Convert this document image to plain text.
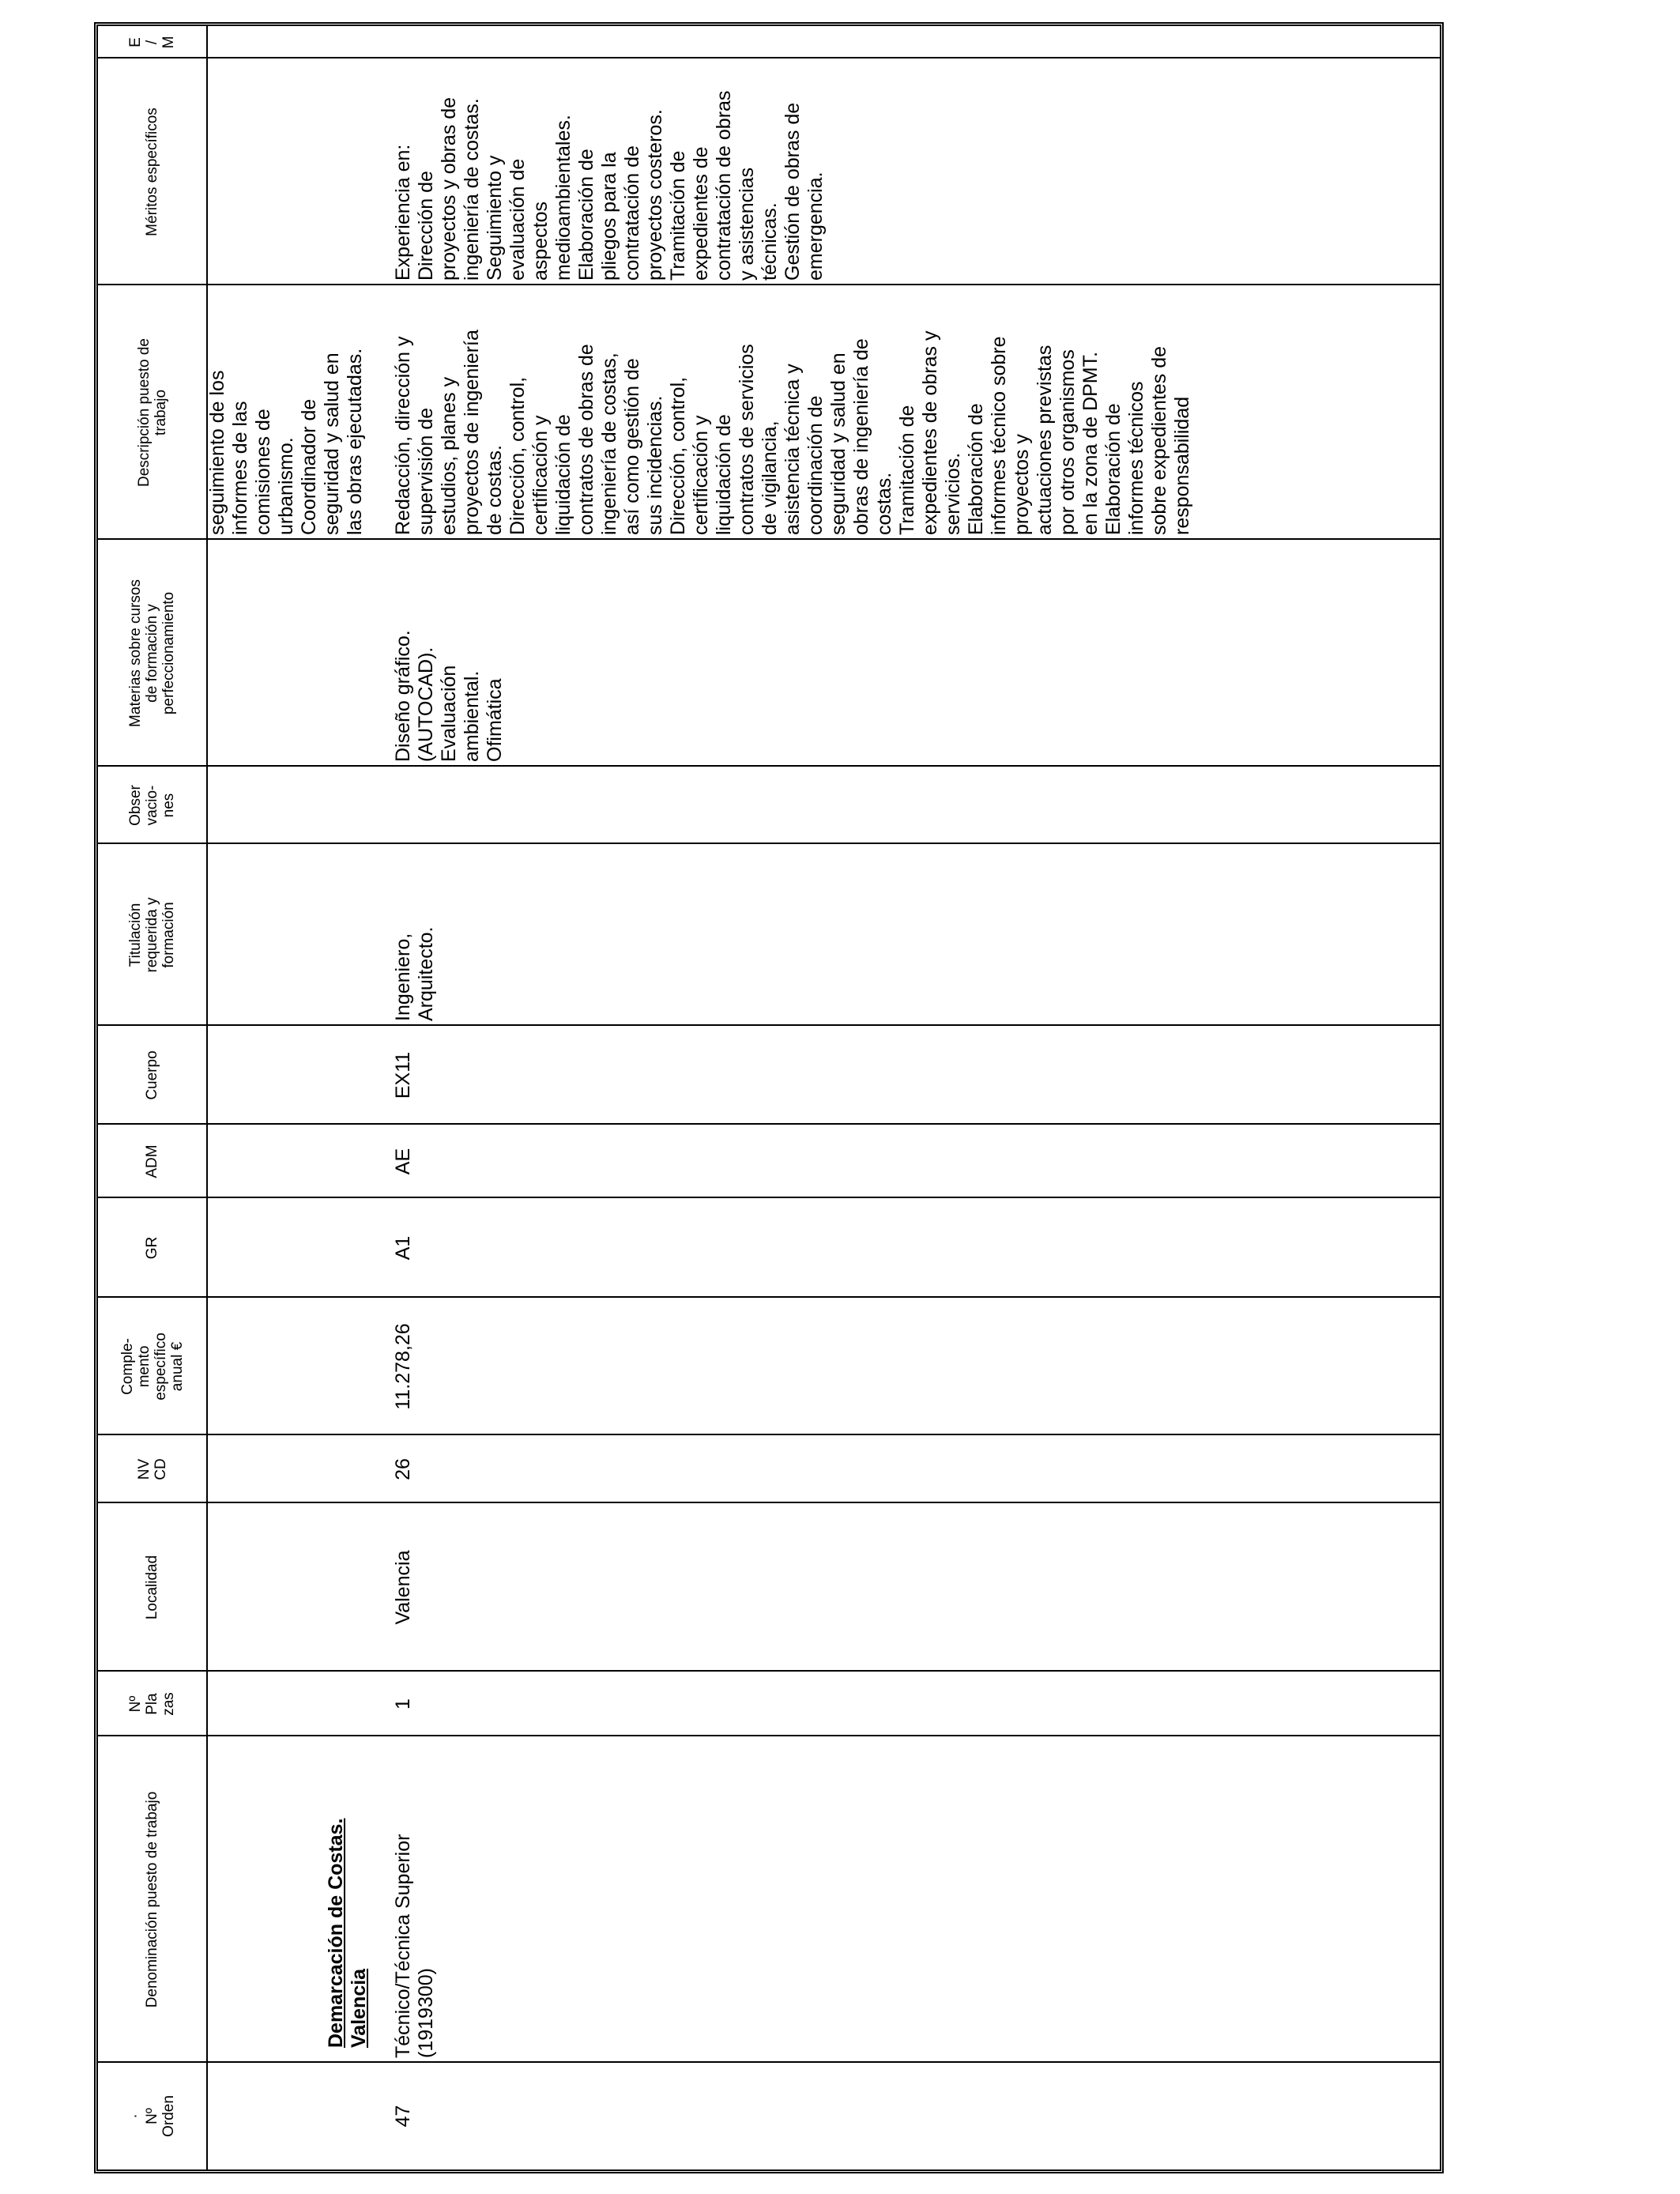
·
Nº
Orden
Denominación puesto de trabajo
Nº
Pla
zas
Localidad
NV
CD
Comple-
mento
específico
anual €
GR
ADM
Cuerpo
Titulación
requerida y
formación
Obser
vacio-
nes
Materias sobre cursos
de formación y
perfeccionamiento
Descripción puesto de
trabajo
Méritos específicos
E
/
M
seguimiento de los
informes de las
comisiones de
urbanismo.
Coordinador de
seguridad y salud en
las obras ejecutadas.
Demarcación de Costas.
Valencia
47
Técnico/Técnica Superior
(1919300)
1
Valencia
26
11.278,26
A1
AE
EX11
Ingeniero,
Arquitecto.
Diseño gráfico.
(AUTOCAD).
Evaluación
ambiental.
Ofimática
Redacción, dirección y
supervisión de
estudios, planes y
proyectos de ingeniería
de costas.
Dirección, control,
certificación y
liquidación de
contratos de obras de
ingeniería de costas,
así como gestión de
sus incidencias.
Dirección, control,
certificación y
liquidación de
contratos de servicios
de vigilancia,
asistencia técnica y
coordinación de
seguridad y salud en
obras de ingeniería de
costas.
Tramitación de
expedientes de obras y
servicios.
Elaboración de
informes técnico sobre
proyectos y
actuaciones previstas
por otros organismos
en la zona de DPMT.
Elaboración de
informes técnicos
sobre expedientes de
responsabilidad
Experiencia en:
Dirección de
proyectos y obras de
ingeniería de costas.
Seguimiento y
evaluación de
aspectos
medioambientales.
Elaboración de
pliegos para la
contratación de
proyectos costeros.
Tramitación de
expedientes de
contratación de obras
y asistencias
técnicas.
Gestión de obras de
emergencia.
